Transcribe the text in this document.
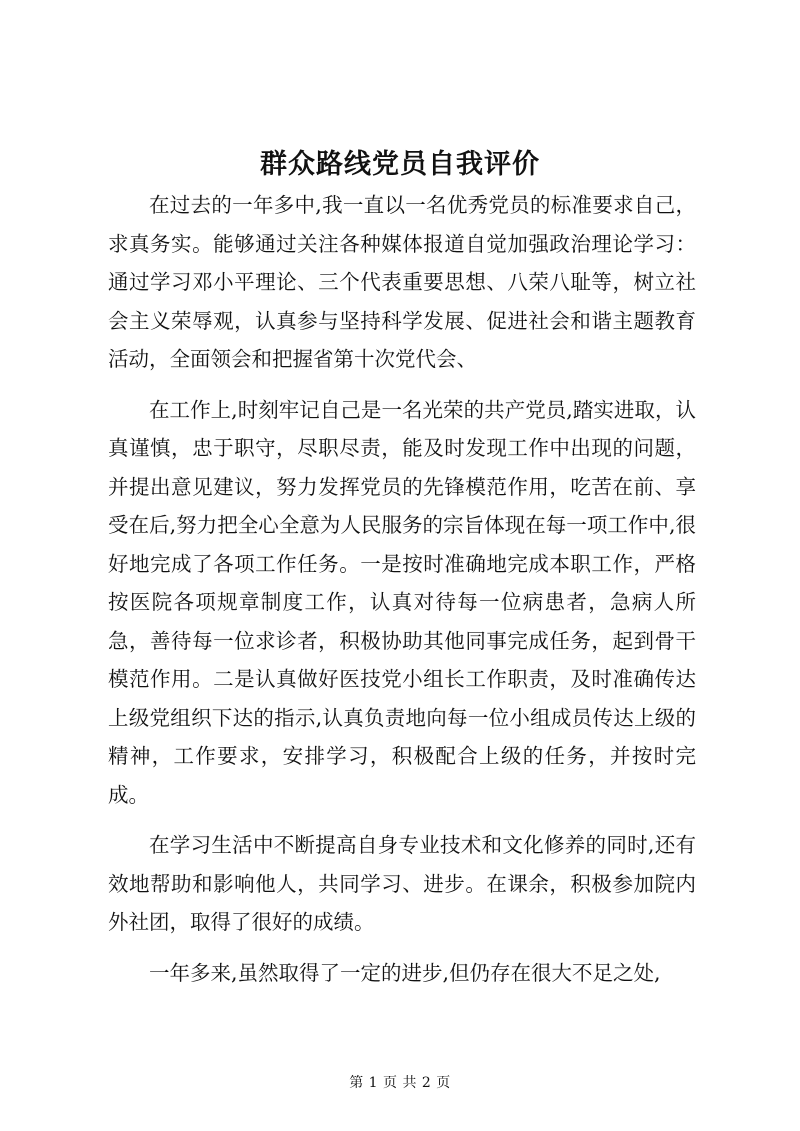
群众路线党员自我评价

在过去的一年多中,我一直以一名优秀党员的标准要求自己，求真务实。能够通过关注各种媒体报道自觉加强政治理论学习：通过学习邓小平理论、三个代表重要思想、八荣八耻等，树立社会主义荣辱观，认真参与坚持科学发展、促进社会和谐主题教育活动，全面领会和把握省第十次党代会、

在工作上,时刻牢记自己是一名光荣的共产党员,踏实进取，认真谨慎，忠于职守，尽职尽责，能及时发现工作中出现的问题，并提出意见建议，努力发挥党员的先锋模范作用，吃苦在前、享受在后,努力把全心全意为人民服务的宗旨体现在每一项工作中,很好地完成了各项工作任务。一是按时准确地完成本职工作，严格按医院各项规章制度工作，认真对待每一位病患者，急病人所急，善待每一位求诊者，积极协助其他同事完成任务，起到骨干模范作用。二是认真做好医技党小组长工作职责，及时准确传达上级党组织下达的指示,认真负责地向每一位小组成员传达上级的精神，工作要求，安排学习，积极配合上级的任务，并按时完成。

在学习生活中不断提高自身专业技术和文化修养的同时,还有效地帮助和影响他人，共同学习、进步。在课余，积极参加院内外社团，取得了很好的成绩。

一年多来,虽然取得了一定的进步,但仍存在很大不足之处,

第 1 页 共 2 页
